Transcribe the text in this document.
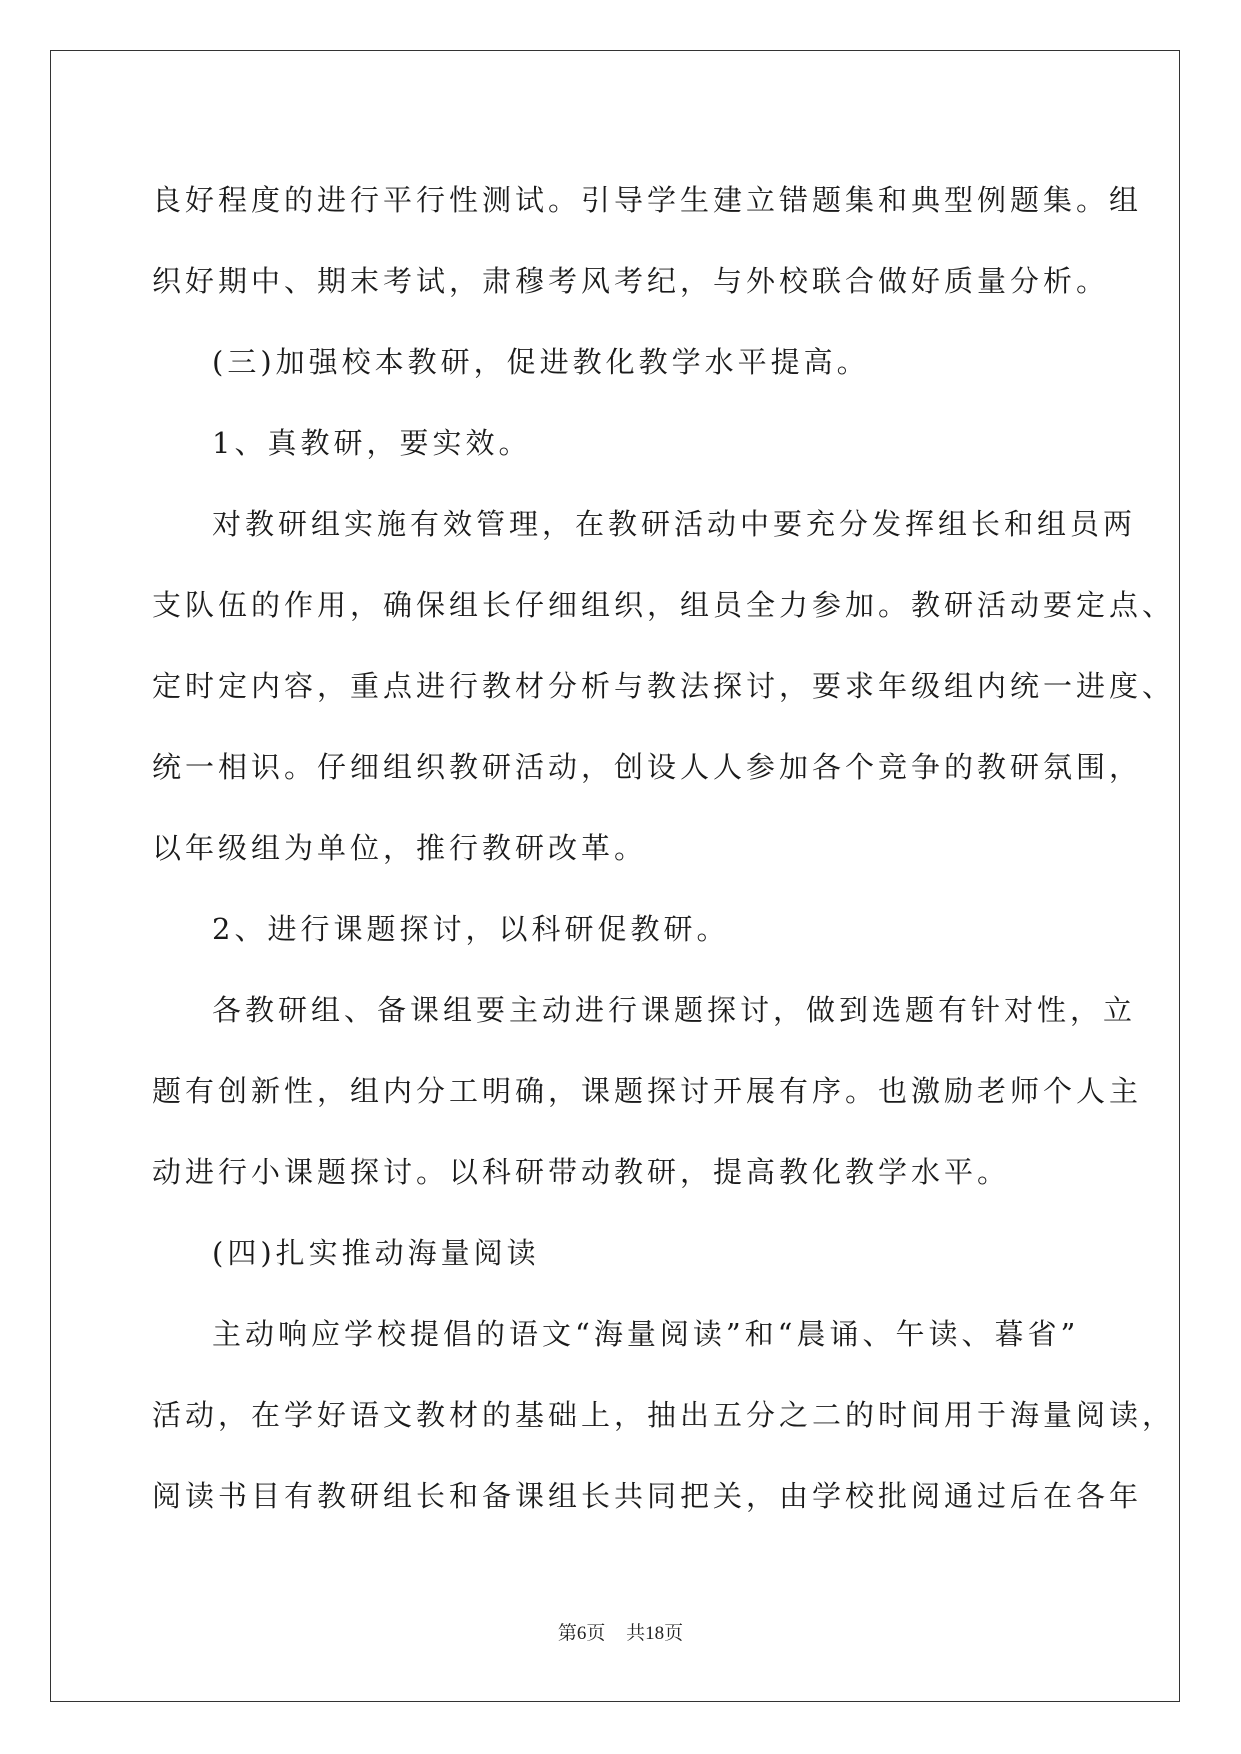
良好程度的进行平行性测试。引导学生建立错题集和典型例题集。组

织好期中、期末考试，肃穆考风考纪，与外校联合做好质量分析。

(三)加强校本教研，促进教化教学水平提高。

1、真教研，要实效。

对教研组实施有效管理，在教研活动中要充分发挥组长和组员两

支队伍的作用，确保组长仔细组织，组员全力参加。教研活动要定点、

定时定内容，重点进行教材分析与教法探讨，要求年级组内统一进度、

统一相识。仔细组织教研活动，创设人人参加各个竞争的教研氛围，

以年级组为单位，推行教研改革。

2、进行课题探讨，以科研促教研。

各教研组、备课组要主动进行课题探讨，做到选题有针对性，立

题有创新性，组内分工明确，课题探讨开展有序。也激励老师个人主

动进行小课题探讨。以科研带动教研，提高教化教学水平。

(四)扎实推动海量阅读

主动响应学校提倡的语文“海量阅读”和“晨诵、午读、暮省”

活动，在学好语文教材的基础上，抽出五分之二的时间用于海量阅读，

阅读书目有教研组长和备课组长共同把关，由学校批阅通过后在各年

第6页 共18页
